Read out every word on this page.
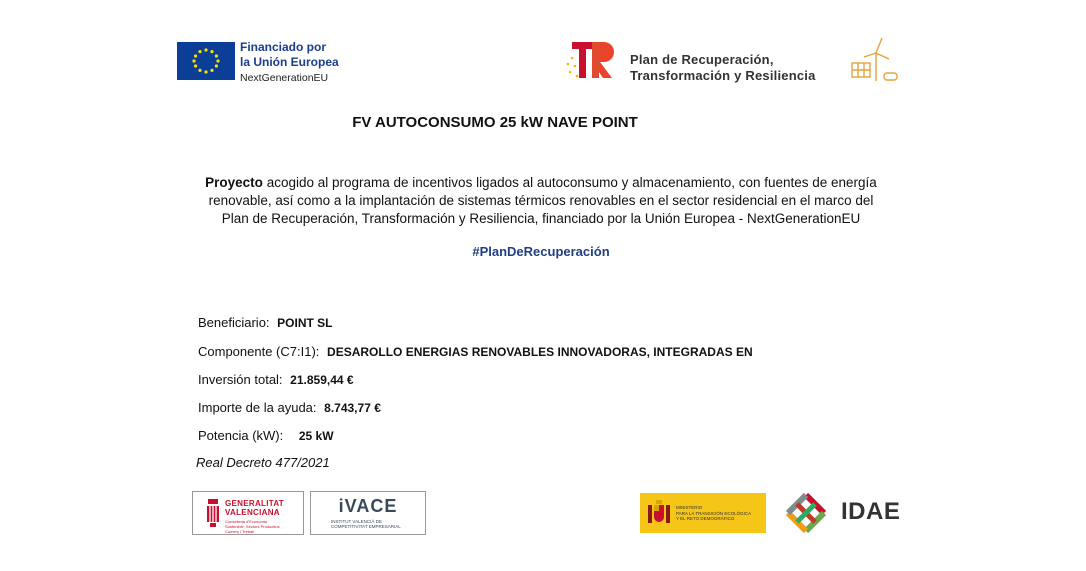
Financiado por
la Unión Europea
NextGenerationEU
Plan de Recuperación,
Transformación y Resiliencia
FV AUTOCONSUMO 25 kW NAVE POINT
Proyecto acogido al programa de incentivos ligados al autoconsumo y almacenamiento, con fuentes de energía
renovable, así como a la implantación de sistemas térmicos renovables en el sector residencial en el marco del
Plan de Recuperación, Transformación y Resiliencia, financiado por la Unión Europea - NextGenerationEU
#PlanDeRecuperación
Beneficiario: POINT SL
Componente (C7:I1): DESAROLLO ENERGIAS RENOVABLES INNOVADORAS, INTEGRADAS EN
Inversión total: 21.859,44 €
Importe de la ayuda: 8.743,77 €
Potencia (kW): 25 kW
Real Decreto 477/2021
GENERALITAT
VALENCIANA
Conselleria d'Economia
Sostenible, Sectors Productius,
Comerç i Treball
iVACE
INSTITUT VALENCIÀ DE
COMPETITIVITAT EMPRESARIAL
MINISTERIO
PARA LA TRANSICIÓN ECOLÓGICA
Y EL RETO DEMOGRÁFICO	IDAE
